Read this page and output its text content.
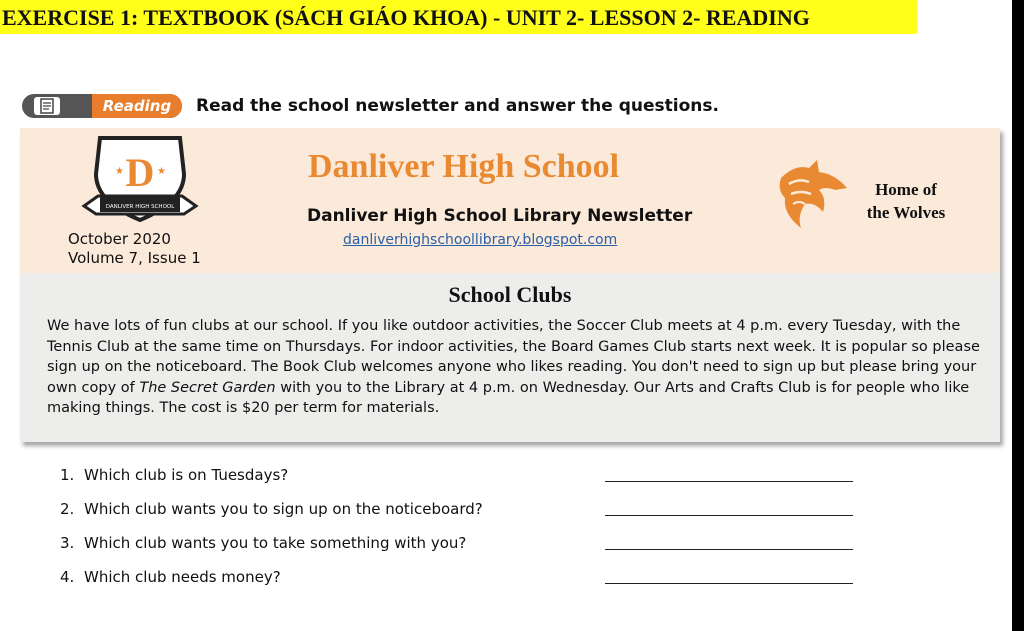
EXERCISE 1: TEXTBOOK (SÁCH GIÁO KHOA) - UNIT 2- LESSON 2- READING
Reading	Read the school newsletter and answer the questions.
D
★	★
DANLIVER HIGH SCHOOL
October 2020
Volume 7, Issue 1
Danliver High School
Danliver High School Library Newsletter
danliverhighschoollibrary.blogspot.com
Home of
the Wolves
School Clubs

We have lots of fun clubs at our school. If you like outdoor activities, the Soccer Club meets at 4 p.m. every Tuesday, with the Tennis Club at the same time on Thursdays. For indoor activities, the Board Games Club starts next week. It is popular so please sign up on the noticeboard. The Book Club welcomes anyone who likes reading. You don't need to sign up but please bring your own copy of The Secret Garden with you to the Library at 4 p.m. on Wednesday. Our Arts and Crafts Club is for people who like making things. The cost is $20 per term for materials.

1. Which club is on Tuesdays?
2. Which club wants you to sign up on the noticeboard?
3. Which club wants you to take something with you?
4. Which club needs money?
